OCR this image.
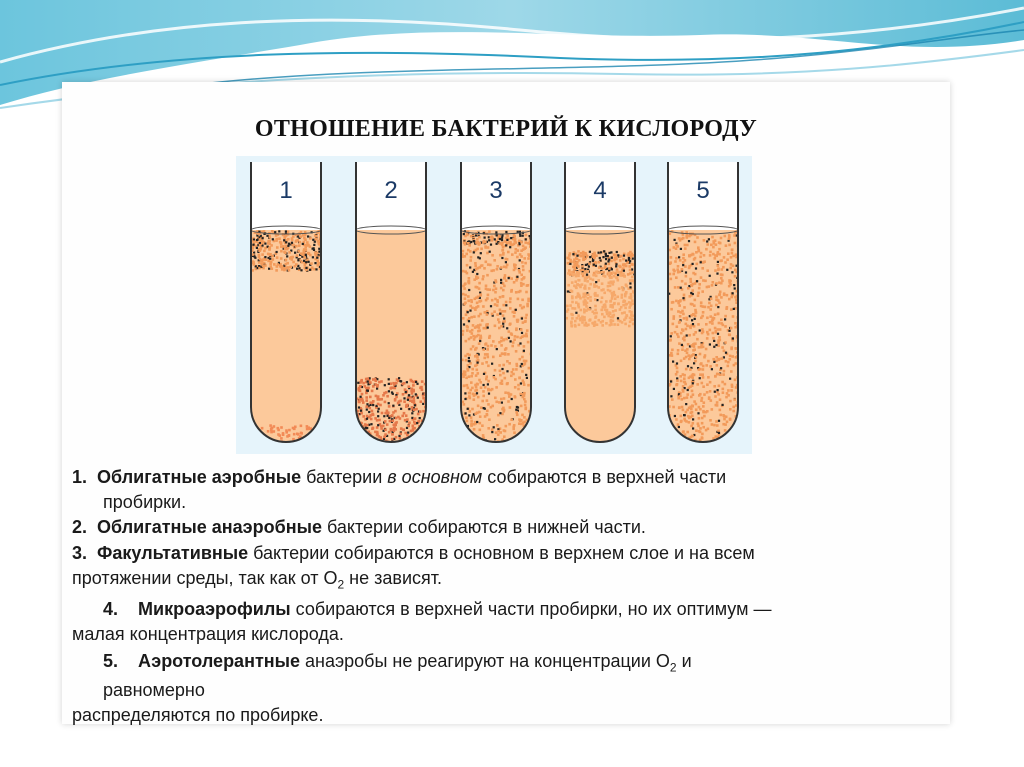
ОТНОШЕНИЕ БАКТЕРИЙ К КИСЛОРОДУ
1	2	3	4	5
1. Облигатные аэробные бактерии в основном собираются в верхней части
пробирки.
2. Облигатные анаэробные бактерии собираются в нижней части.
3. Факультативные бактерии собираются в основном в верхнем слое и на всем
протяжении среды, так как от $O_2$ не зависят.
4. Микроаэрофилы собираются в верхней части пробирки, но их оптимум —
малая концентрация кислорода.
5. Аэротолерантные анаэробы не реагируют на концентрации $O_2$ и
равномерно
распределяются по пробирке.
